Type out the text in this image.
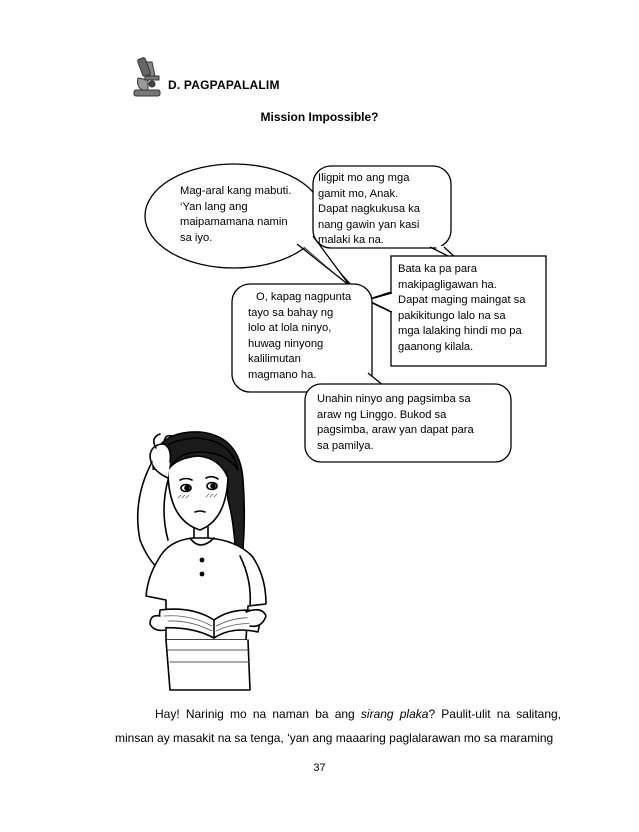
D. PAGPAPALALIM
Mission Impossible?
Mag-aral kang mabuti.
‘Yan lang ang
maipamamana namin
sa iyo.
Iligpit mo ang mga
gamit mo, Anak.
Dapat nagkukusa ka
nang gawin yan kasi
malaki ka na.
Bata ka pa para
makipagligawan ha.
Dapat maging maingat sa
pakikitungo lalo na sa
mga lalaking hindi mo pa
gaanong kilala.
O, kapag nagpunta
tayo sa bahay ng
lolo at lola ninyo,
huwag ninyong
kalilimutan
magmano ha.
Unahin ninyo ang pagsimba sa
araw ng Linggo. Bukod sa
pagsimba, araw yan dapat para
sa pamilya.
Hay! Narinig mo na naman ba ang sirang plaka? Paulit-ulit na salitang, minsan ay masakit na sa tenga, ‘yan ang maaaring paglalarawan mo sa maraming
37
